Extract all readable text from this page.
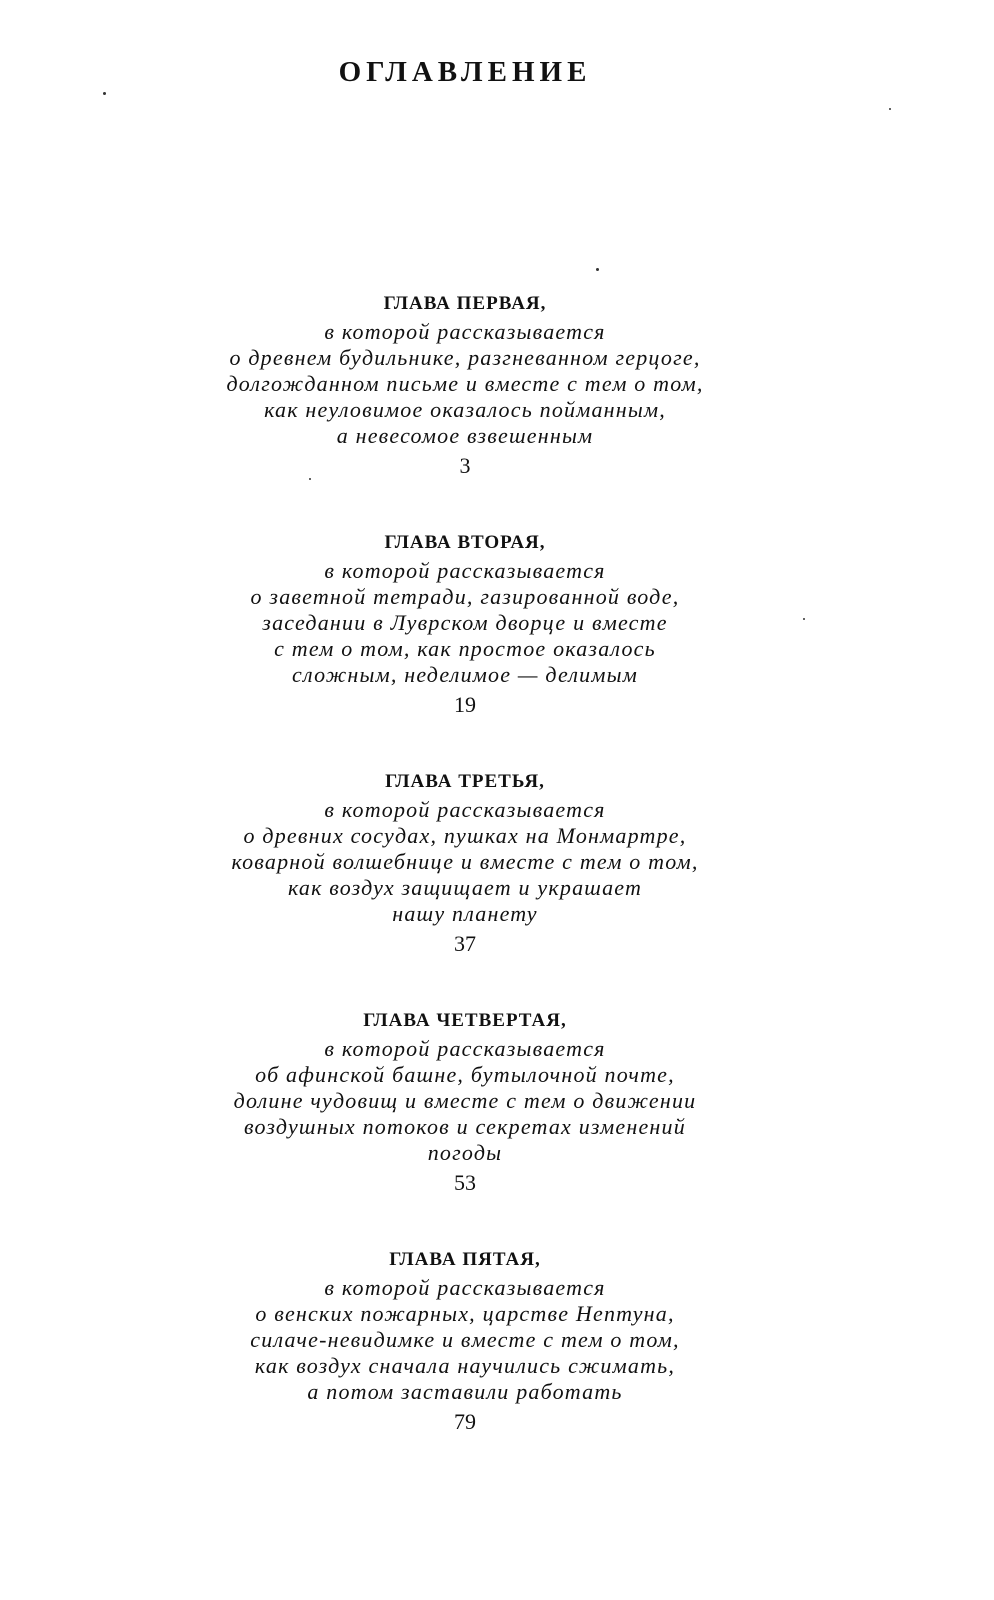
ОГЛАВЛЕНИЕ
ГЛАВА ПЕРВАЯ,
в которой рассказывается
о древнем будильнике, разгневанном герцоге,
долгожданном письме и вместе с тем о том,
как неуловимое оказалось пойманным,
а невесомое взвешенным
3
ГЛАВА ВТОРАЯ,
в которой рассказывается
о заветной тетради, газированной воде,
заседании в Луврском дворце и вместе
с тем о том, как простое оказалось
сложным, неделимое — делимым
19
ГЛАВА ТРЕТЬЯ,
в которой рассказывается
о древних сосудах, пушках на Монмартре,
коварной волшебнице и вместе с тем о том,
как воздух защищает и украшает
нашу планету
37
ГЛАВА ЧЕТВЕРТАЯ,
в которой рассказывается
об афинской башне, бутылочной почте,
долине чудовищ и вместе с тем о движении
воздушных потоков и секретах изменений
погоды
53
ГЛАВА ПЯТАЯ,
в которой рассказывается
о венских пожарных, царстве Нептуна,
силаче-невидимке и вместе с тем о том,
как воздух сначала научились сжимать,
а потом заставили работать
79
